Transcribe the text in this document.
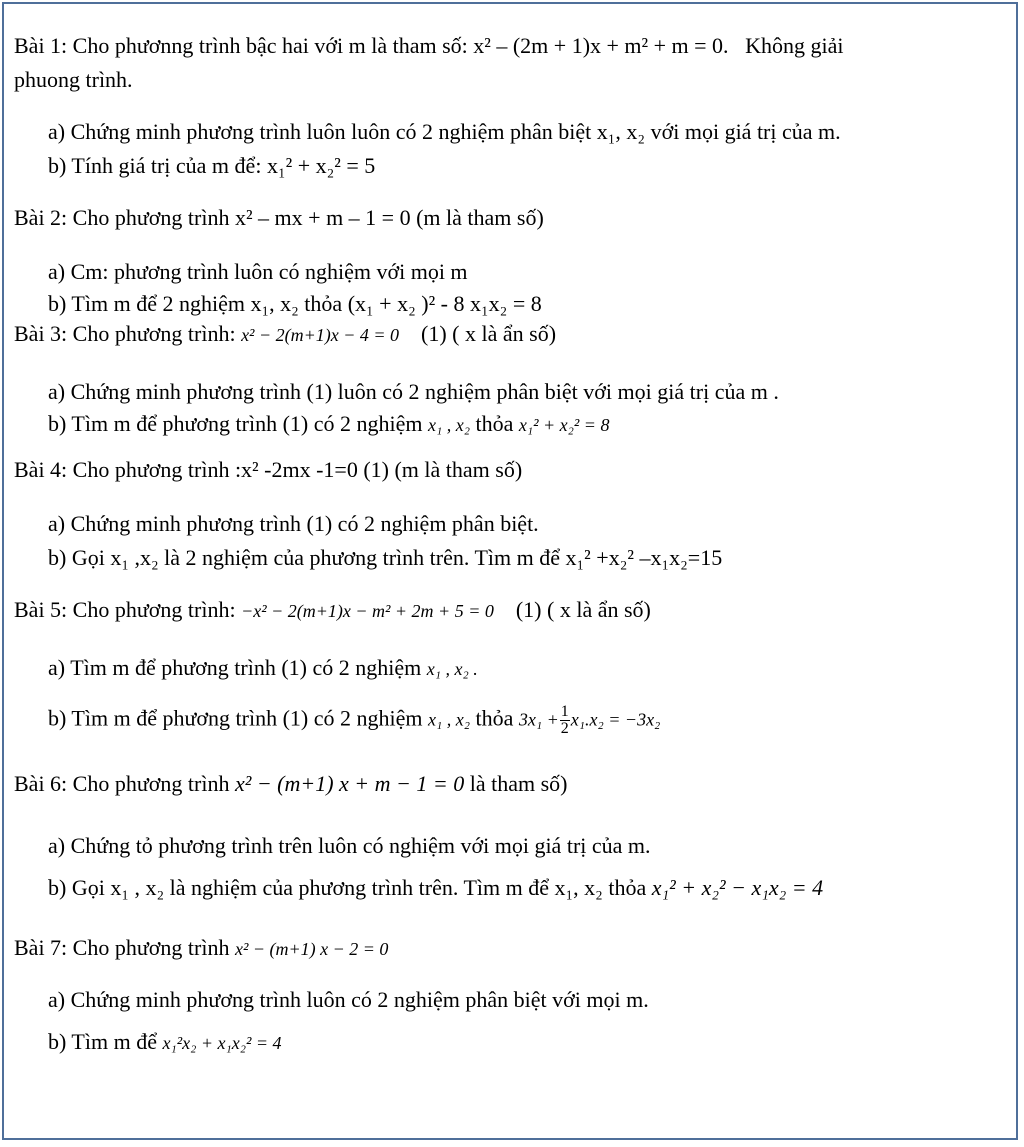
Bài 1: Cho phươnng trình bậc hai với m là tham số: x² – (2m + 1)x + m² + m = 0. Không giải
phuong trình.
a) Chứng minh phương trình luôn luôn có 2 nghiệm phân biệt x₁, x₂ với mọi giá trị của m.
b) Tính giá trị của m để: x₁² + x₂² = 5
Bài 2: Cho phương trình x² – mx + m – 1 = 0 (m là tham số)
a) Cm: phương trình luôn có nghiệm với mọi m
b) Tìm m để 2 nghiệm x₁, x₂ thỏa (x₁ + x₂ )² - 8 x₁x₂ = 8
Bài 3: Cho phương trình: x² − 2(m+1)x − 4 = 0 (1) ( x là ẩn số)
a) Chứng minh phương trình (1) luôn có 2 nghiệm phân biệt với mọi giá trị của m .
b) Tìm m để phương trình (1) có 2 nghiệm x₁ , x₂ thỏa x₁² + x₂² = 8
Bài 4: Cho phương trình :x² -2mx -1=0 (1) (m là tham số)
a) Chứng minh phương trình (1) có 2 nghiệm phân biệt.
b) Gọi x₁ ,x₂ là 2 nghiệm của phương trình trên. Tìm m để x₁² +x₂² –x₁x₂=15
Bài 5: Cho phương trình: −x² − 2(m+1)x − m² + 2m + 5 = 0 (1) ( x là ẩn số)
a) Tìm m để phương trình (1) có 2 nghiệm x₁ , x₂ .
b) Tìm m để phương trình (1) có 2 nghiệm x₁ , x₂ thỏa $3x_1 + \frac{1}{2} x_1.x_2 = -3x_2$
Bài 6: Cho phương trình x² − (m+1) x + m − 1 = 0 là tham số)
a) Chứng tỏ phương trình trên luôn có nghiệm với mọi giá trị của m.
b) Gọi x₁ , x₂ là nghiệm của phương trình trên. Tìm m để x₁, x₂ thỏa x₁² + x₂² − x₁x₂ = 4
Bài 7: Cho phương trình x² − (m+1) x − 2 = 0
a) Chứng minh phương trình luôn có 2 nghiệm phân biệt với mọi m.
b) Tìm m để x₁²x₂ + x₁x₂² = 4
